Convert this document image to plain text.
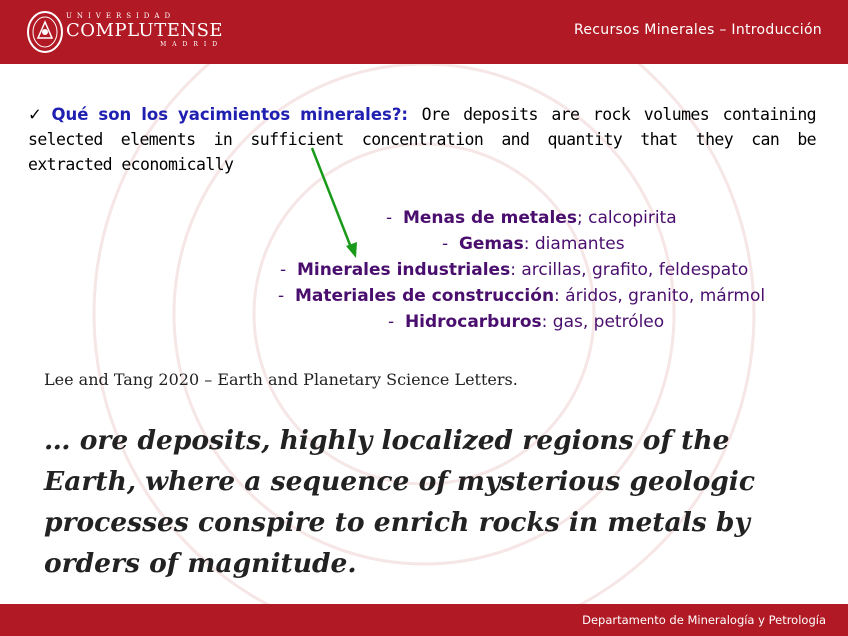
UNIVERSIDAD
COMPLUTENSE
MADRID
Recursos Minerales – Introducción
✓ Qué son los yacimientos minerales?: Ore deposits are rock volumes containing selected elements in sufficient concentration and quantity that they can be extracted economically
- Menas de metales; calcopirita
- Gemas: diamantes
- Minerales industriales: arcillas, grafito, feldespato
- Materiales de construcción: áridos, granito, mármol
- Hidrocarburos: gas, petróleo
Lee and Tang 2020 – Earth and Planetary Science Letters.
… ore deposits, highly localized regions of the Earth, where a sequence of mysterious geologic processes conspire to enrich rocks in metals by orders of magnitude.
Departamento de Mineralogía y Petrología
